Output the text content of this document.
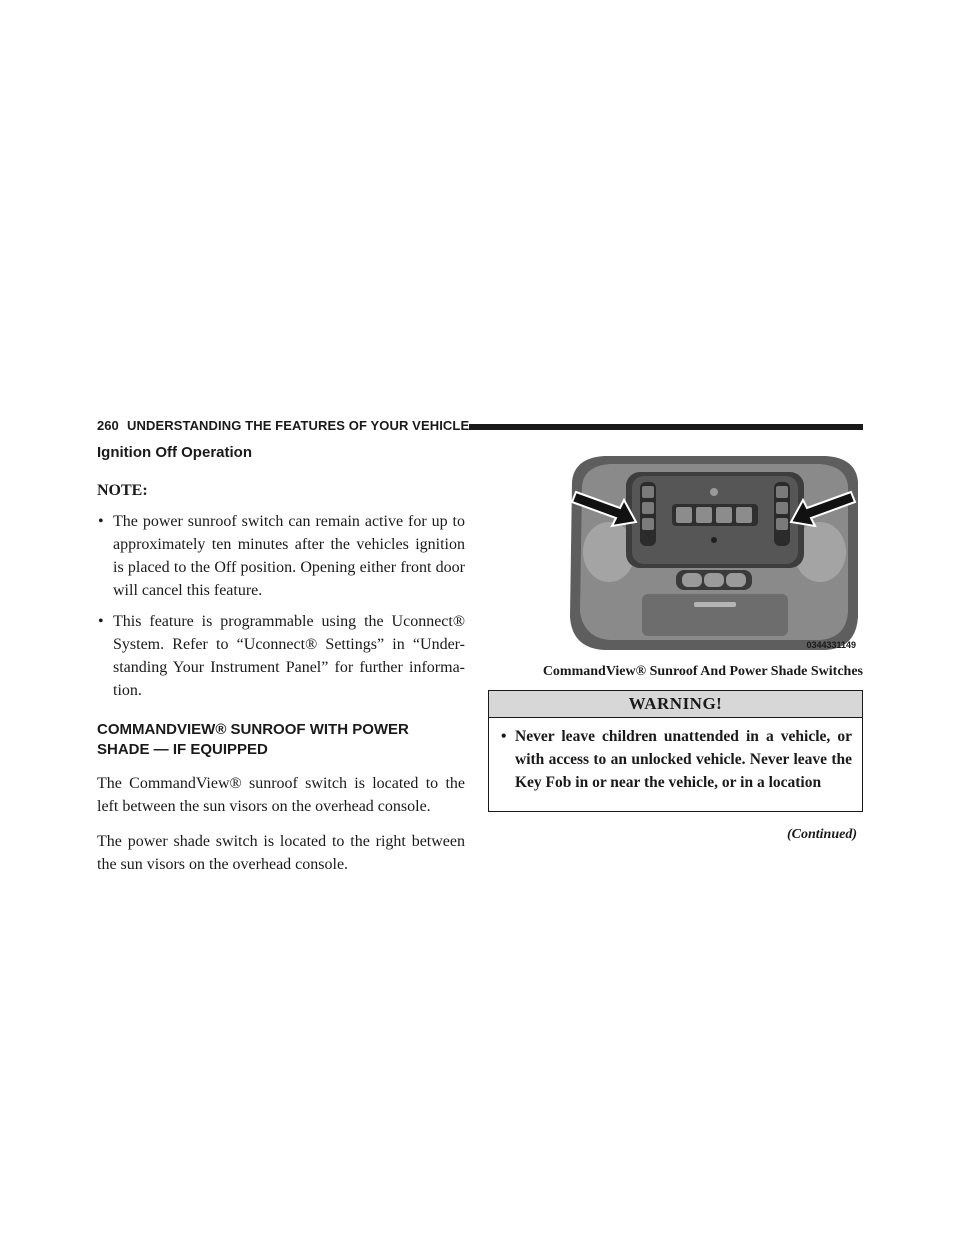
260 UNDERSTANDING THE FEATURES OF YOUR VEHICLE
Ignition Off Operation

NOTE:

• The power sunroof switch can remain active for up to approximately ten minutes after the vehicles ignition is placed to the Off position. Opening either front door will cancel this feature.
• This feature is programmable using the Uconnect® System. Refer to “Uconnect® Settings” in “Under-standing Your Instrument Panel” for further informa-tion.
COMMANDVIEW® SUNROOF WITH POWER SHADE — IF EQUIPPED

The CommandView® sunroof switch is located to the left between the sun visors on the overhead console.

The power shade switch is located to the right between the sun visors on the overhead console.

0344331149
CommandView® Sunroof And Power Shade Switches
WARNING!
• Never leave children unattended in a vehicle, or with access to an unlocked vehicle. Never leave the Key Fob in or near the vehicle, or in a location
(Continued)
